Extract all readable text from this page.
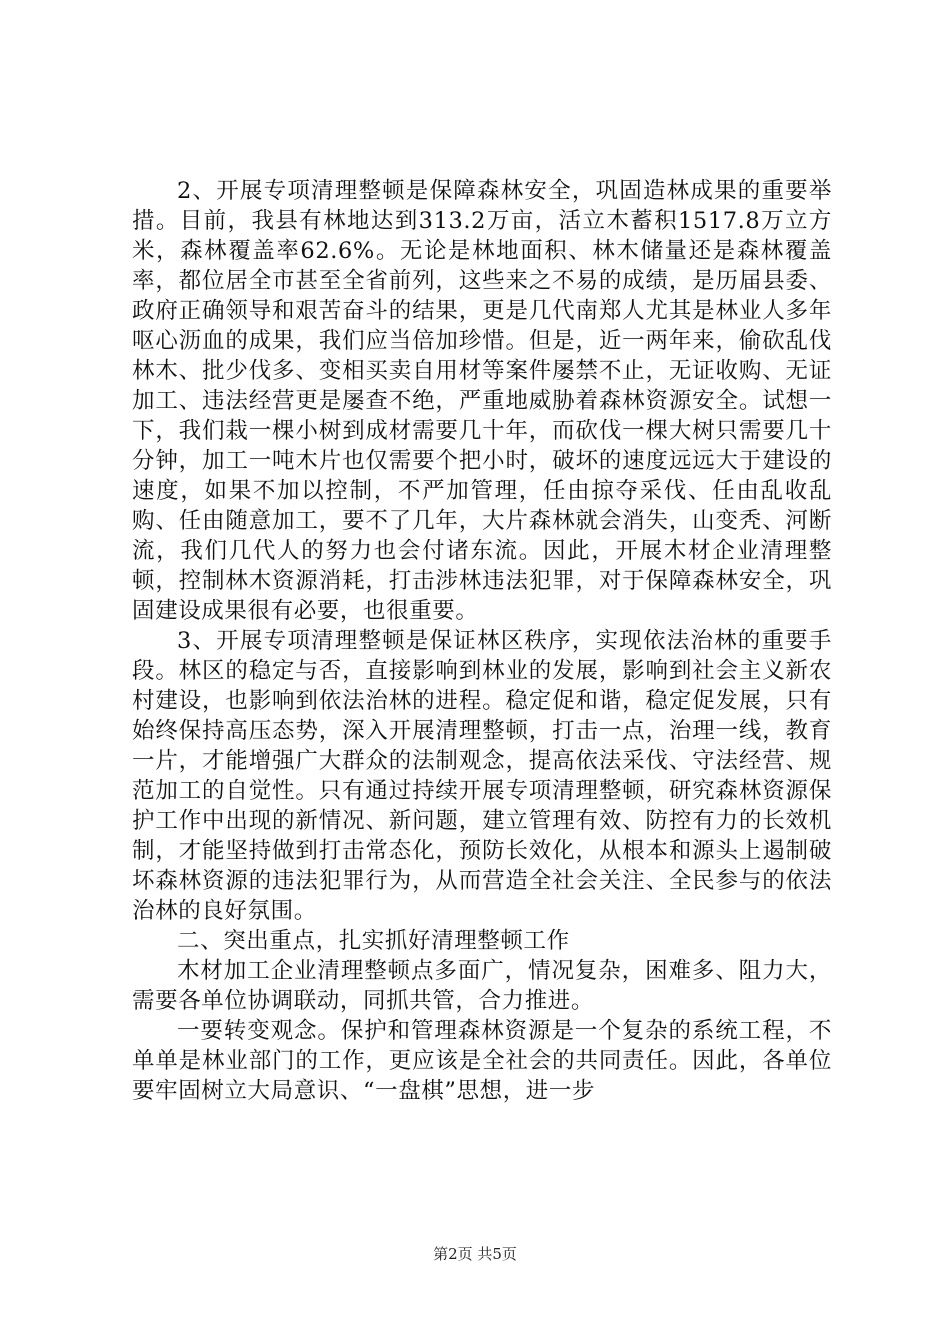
2、开展专项清理整顿是保障森林安全，巩固造林成果的重要举措。目前，我县有林地达到313.2万亩，活立木蓄积1517.8万立方米，森林覆盖率62.6%。无论是林地面积、林木储量还是森林覆盖率，都位居全市甚至全省前列，这些来之不易的成绩，是历届县委、政府正确领导和艰苦奋斗的结果，更是几代南郑人尤其是林业人多年呕心沥血的成果，我们应当倍加珍惜。但是，近一两年来，偷砍乱伐林木、批少伐多、变相买卖自用材等案件屡禁不止，无证收购、无证加工、违法经营更是屡查不绝，严重地威胁着森林资源安全。试想一下，我们栽一棵小树到成材需要几十年，而砍伐一棵大树只需要几十分钟，加工一吨木片也仅需要个把小时，破坏的速度远远大于建设的速度，如果不加以控制，不严加管理，任由掠夺采伐、任由乱收乱购、任由随意加工，要不了几年，大片森林就会消失，山变秃、河断流，我们几代人的努力也会付诸东流。因此，开展木材企业清理整顿，控制林木资源消耗，打击涉林违法犯罪，对于保障森林安全，巩固建设成果很有必要，也很重要。

3、开展专项清理整顿是保证林区秩序，实现依法治林的重要手段。林区的稳定与否，直接影响到林业的发展，影响到社会主义新农村建设，也影响到依法治林的进程。稳定促和谐，稳定促发展，只有始终保持高压态势，深入开展清理整顿，打击一点，治理一线，教育一片，才能增强广大群众的法制观念，提高依法采伐、守法经营、规范加工的自觉性。只有通过持续开展专项清理整顿，研究森林资源保护工作中出现的新情况、新问题，建立管理有效、防控有力的长效机制，才能坚持做到打击常态化，预防长效化，从根本和源头上遏制破坏森林资源的违法犯罪行为，从而营造全社会关注、全民参与的依法治林的良好氛围。

二、突出重点，扎实抓好清理整顿工作

木材加工企业清理整顿点多面广，情况复杂，困难多、阻力大，需要各单位协调联动，同抓共管，合力推进。

一要转变观念。保护和管理森林资源是一个复杂的系统工程，不单单是林业部门的工作，更应该是全社会的共同责任。因此，各单位要牢固树立大局意识、“一盘棋”思想，进一步

第2页 共5页
